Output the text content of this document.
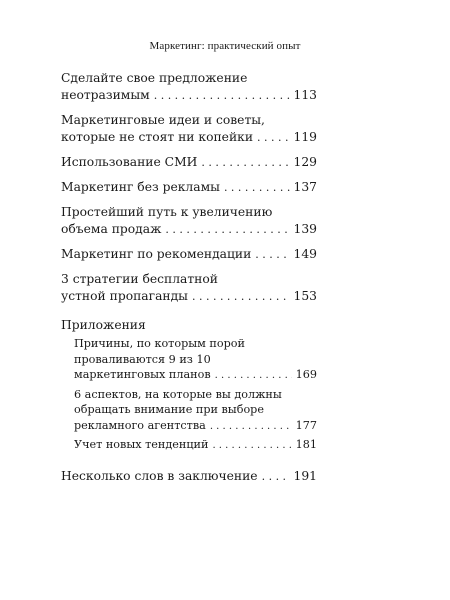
Маркетинг: практический опыт
Сделайте свое предложение
неотразимым . . .	113
Маркетинговые идеи и советы,
которые не стоят ни копейки . . .	119
Использование СМИ . . .	129
Маркетинг без рекламы . . .	137
Простейший путь к увеличению
объема продаж . . .	139
Маркетинг по рекомендации . . .	149
3 стратегии бесплатной
устной пропаганды . . .	153
Приложения
Причины, по которым порой
проваливаются 9 из 10
маркетинговых планов . . .	169
6 аспектов, на которые вы должны
обращать внимание при выборе
рекламного агентства . . .	177
Учет новых тенденций . . .	181
Несколько слов в заключение . . .	191
